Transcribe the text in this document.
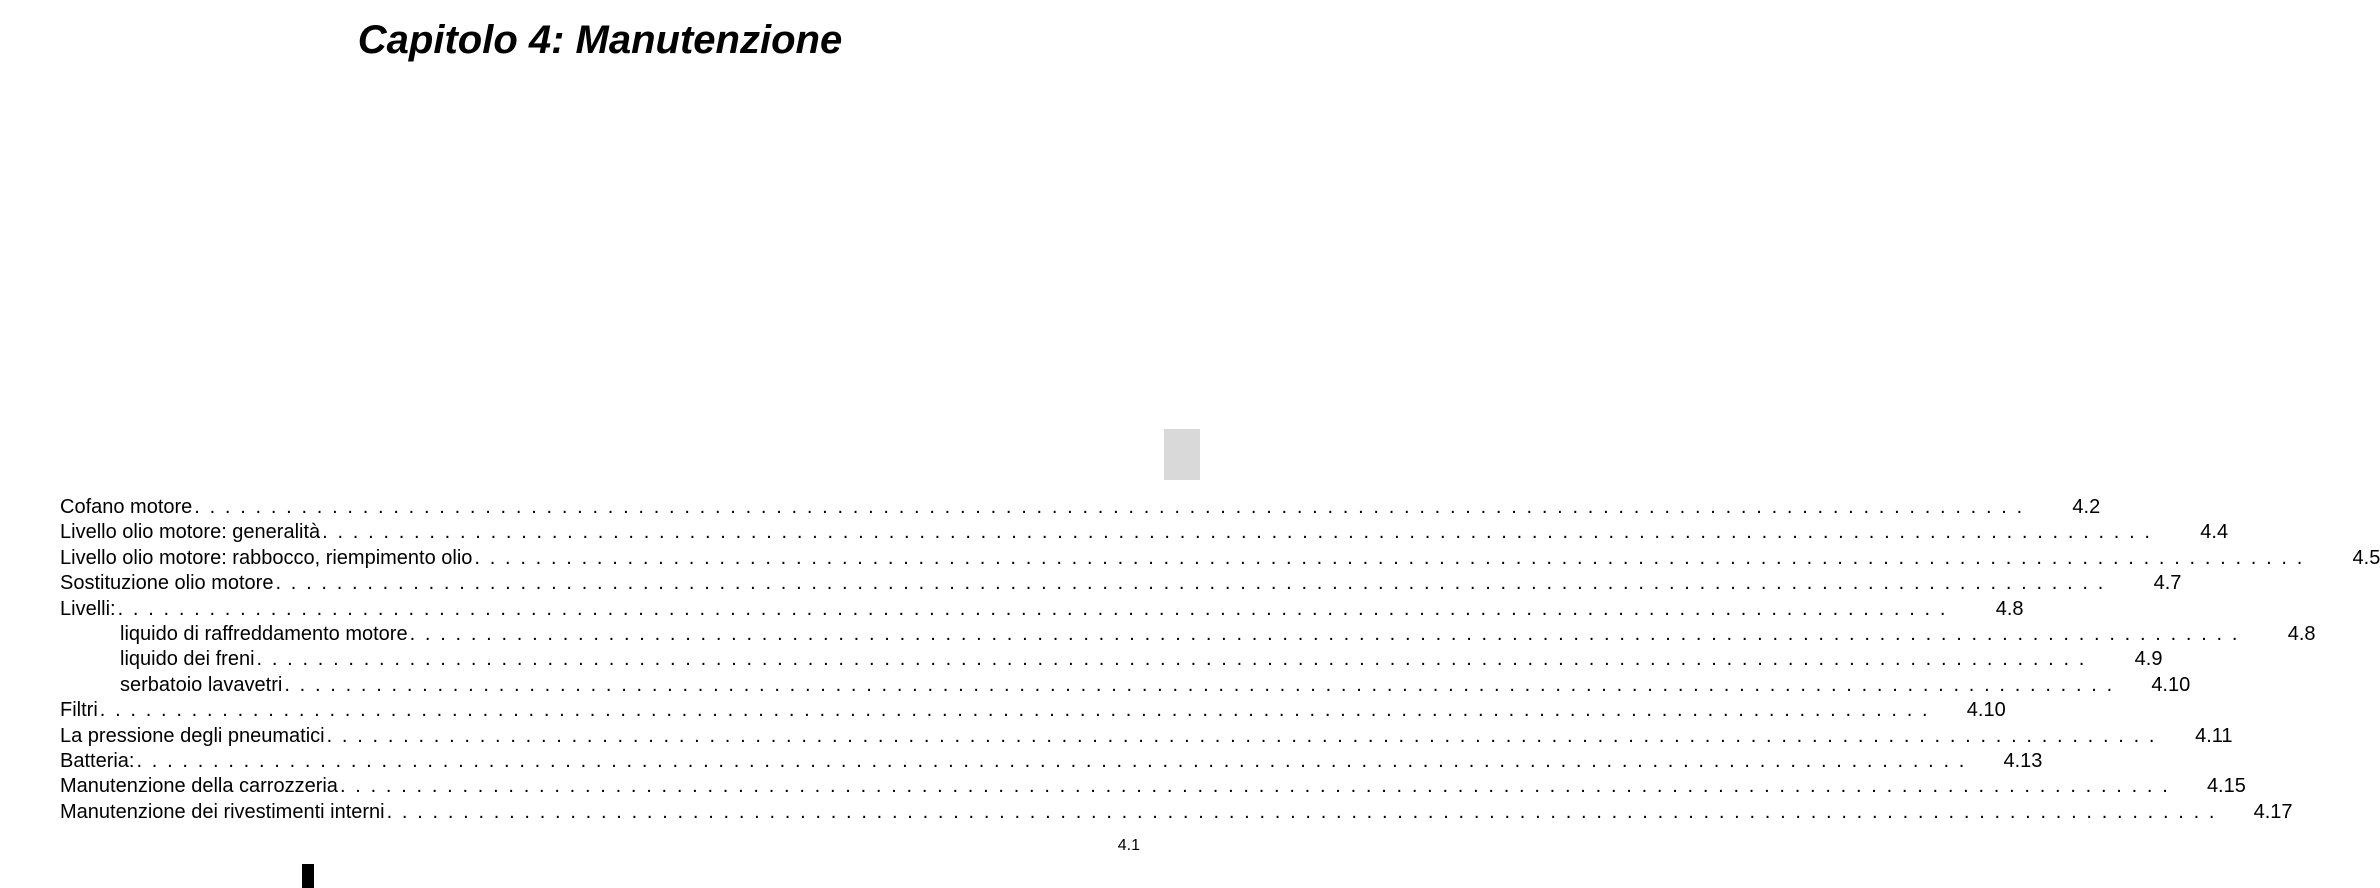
Capitolo 4: Manutenzione
Cofano motore . . . . . . . . . . . . . . . . . . . . . . . . . . . . . . . . . . . . . . . . . . . . . . . . . . . . . . . . . . . . . . . . . . . . . . . . . . . . . . . . . . . . . . . . . . . . . . . . . . . . . . . . . . . . . . . . . . . . . . . .	4.2
Livello olio motore: generalità . . . . . . . . . . . . . . . . . . . . . . . . . . . . . . . . . . . . . . . . . . . . . . . . . . . . . . . . . . . . . . . . . . . . . . . . . . . . . . . . . . . . . . . . . . . . . . . . . . . . . . . . . . . . . . . . . . . . . . . .	4.4
Livello olio motore: rabbocco, riempimento olio . . . . . . . . . . . . . . . . . . . . . . . . . . . . . . . . . . . . . . . . . . . . . . . . . . . . . . . . . . . . . . . . . . . . . . . . . . . . . . . . . . . . . . . . . . . . . . . . . . . . . . . . . . . . . . . . . . . . . . . .	4.5
Sostituzione olio motore . . . . . . . . . . . . . . . . . . . . . . . . . . . . . . . . . . . . . . . . . . . . . . . . . . . . . . . . . . . . . . . . . . . . . . . . . . . . . . . . . . . . . . . . . . . . . . . . . . . . . . . . . . . . . . . . . . . . . . . .	4.7
Livelli: . . . . . . . . . . . . . . . . . . . . . . . . . . . . . . . . . . . . . . . . . . . . . . . . . . . . . . . . . . . . . . . . . . . . . . . . . . . . . . . . . . . . . . . . . . . . . . . . . . . . . . . . . . . . . . . . . . . . . . . .	4.8
liquido di raffreddamento motore . . . . . . . . . . . . . . . . . . . . . . . . . . . . . . . . . . . . . . . . . . . . . . . . . . . . . . . . . . . . . . . . . . . . . . . . . . . . . . . . . . . . . . . . . . . . . . . . . . . . . . . . . . . . . . . . . . . . . . . .	4.8
liquido dei freni . . . . . . . . . . . . . . . . . . . . . . . . . . . . . . . . . . . . . . . . . . . . . . . . . . . . . . . . . . . . . . . . . . . . . . . . . . . . . . . . . . . . . . . . . . . . . . . . . . . . . . . . . . . . . . . . . . . . . . . .	4.9
serbatoio lavavetri . . . . . . . . . . . . . . . . . . . . . . . . . . . . . . . . . . . . . . . . . . . . . . . . . . . . . . . . . . . . . . . . . . . . . . . . . . . . . . . . . . . . . . . . . . . . . . . . . . . . . . . . . . . . . . . . . . . . . . . .	4.10
Filtri . . . . . . . . . . . . . . . . . . . . . . . . . . . . . . . . . . . . . . . . . . . . . . . . . . . . . . . . . . . . . . . . . . . . . . . . . . . . . . . . . . . . . . . . . . . . . . . . . . . . . . . . . . . . . . . . . . . . . . . .	4.10
La pressione degli pneumatici . . . . . . . . . . . . . . . . . . . . . . . . . . . . . . . . . . . . . . . . . . . . . . . . . . . . . . . . . . . . . . . . . . . . . . . . . . . . . . . . . . . . . . . . . . . . . . . . . . . . . . . . . . . . . . . . . . . . . . . .	4.11
Batteria: . . . . . . . . . . . . . . . . . . . . . . . . . . . . . . . . . . . . . . . . . . . . . . . . . . . . . . . . . . . . . . . . . . . . . . . . . . . . . . . . . . . . . . . . . . . . . . . . . . . . . . . . . . . . . . . . . . . . . . . .	4.13
Manutenzione della carrozzeria . . . . . . . . . . . . . . . . . . . . . . . . . . . . . . . . . . . . . . . . . . . . . . . . . . . . . . . . . . . . . . . . . . . . . . . . . . . . . . . . . . . . . . . . . . . . . . . . . . . . . . . . . . . . . . . . . . . . . . . .	4.15
Manutenzione dei rivestimenti interni . . . . . . . . . . . . . . . . . . . . . . . . . . . . . . . . . . . . . . . . . . . . . . . . . . . . . . . . . . . . . . . . . . . . . . . . . . . . . . . . . . . . . . . . . . . . . . . . . . . . . . . . . . . . . . . . . . . . . . . .	4.17
4.1
